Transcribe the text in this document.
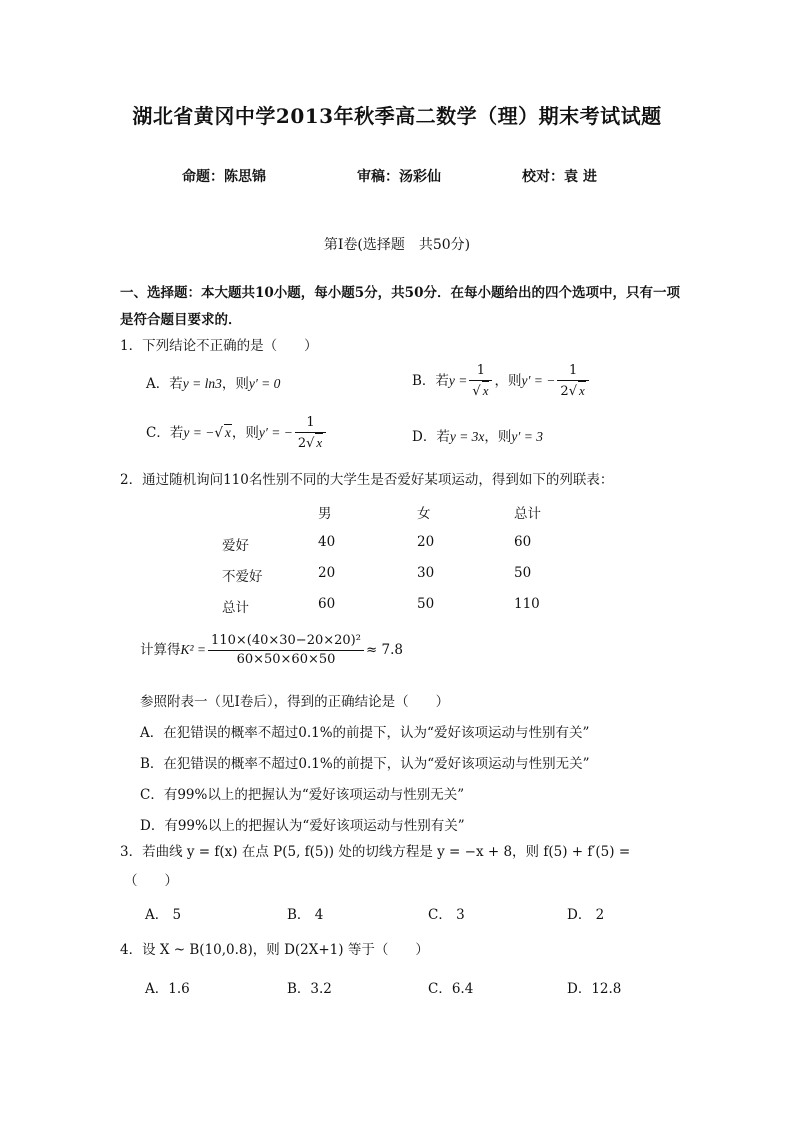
湖北省黄冈中学2013年秋季高二数学（理）期末考试试题
命题：陈思锦	审稿：汤彩仙	校对：袁 进
第Ⅰ卷(选择题　共50分)
一、选择题：本大题共10小题，每小题5分，共50分．在每小题给出的四个选项中，只有一项是符合题目要求的．
1．下列结论不正确的是（　　）
A．若y = ln3，则y′ = 0	B．若$y = \frac{1}{√ x}$ ，则y′ = − $\frac{1}{2√ x}$
C．若y = −√ x，则y′ = − $\frac{1}{2√ x}$	D．若y = 3x，则y′ = 3
2．通过随机询问110名性别不同的大学生是否爱好某项运动，得到如下的列联表：
男	女	总计
爱好	40	20	60
不爱好	20	30	50
总计	60	50	110
计算得$K^2 = \frac{\text{110×(40×30−20×20)²}}{60\times 50\times 60\times 50} \approx 7.8$
参照附表一（见Ⅰ卷后），得到的正确结论是（　　）
A．在犯错误的概率不超过0.1%的前提下，认为“爱好该项运动与性别有关”
B．在犯错误的概率不超过0.1%的前提下，认为“爱好该项运动与性别无关”
C．有99%以上的把握认为“爱好该项运动与性别无关”
D．有99%以上的把握认为“爱好该项运动与性别有关”
3．若曲线 y = f(x) 在点 P(5, f(5)) 处的切线方程是 y = −x + 8，则 f(5) + f′(5) =
（　　）
A． 5	B． 4	C． 3	D． 2
4．设 X ~ B(10,0.8)，则 D(2X+1) 等于（　　）
A．1.6	B．3.2	C．6.4	D．12.8
